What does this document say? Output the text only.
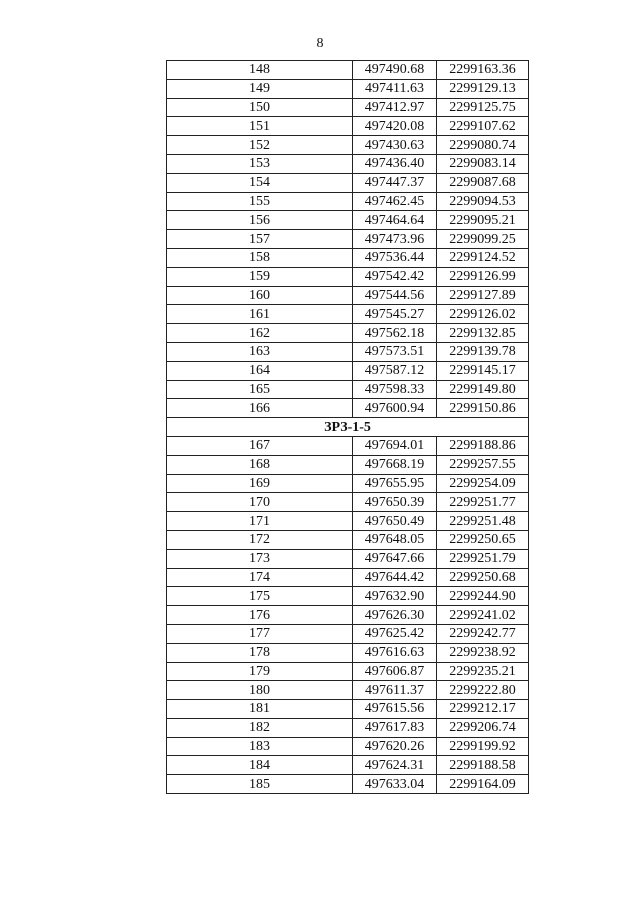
8
148	497490.68	2299163.36
149	497411.63	2299129.13
150	497412.97	2299125.75
151	497420.08	2299107.62
152	497430.63	2299080.74
153	497436.40	2299083.14
154	497447.37	2299087.68
155	497462.45	2299094.53
156	497464.64	2299095.21
157	497473.96	2299099.25
158	497536.44	2299124.52
159	497542.42	2299126.99
160	497544.56	2299127.89
161	497545.27	2299126.02
162	497562.18	2299132.85
163	497573.51	2299139.78
164	497587.12	2299145.17
165	497598.33	2299149.80
166	497600.94	2299150.86
ЗРЗ-1-5		
167	497694.01	2299188.86
168	497668.19	2299257.55
169	497655.95	2299254.09
170	497650.39	2299251.77
171	497650.49	2299251.48
172	497648.05	2299250.65
173	497647.66	2299251.79
174	497644.42	2299250.68
175	497632.90	2299244.90
176	497626.30	2299241.02
177	497625.42	2299242.77
178	497616.63	2299238.92
179	497606.87	2299235.21
180	497611.37	2299222.80
181	497615.56	2299212.17
182	497617.83	2299206.74
183	497620.26	2299199.92
184	497624.31	2299188.58
185	497633.04	2299164.09
